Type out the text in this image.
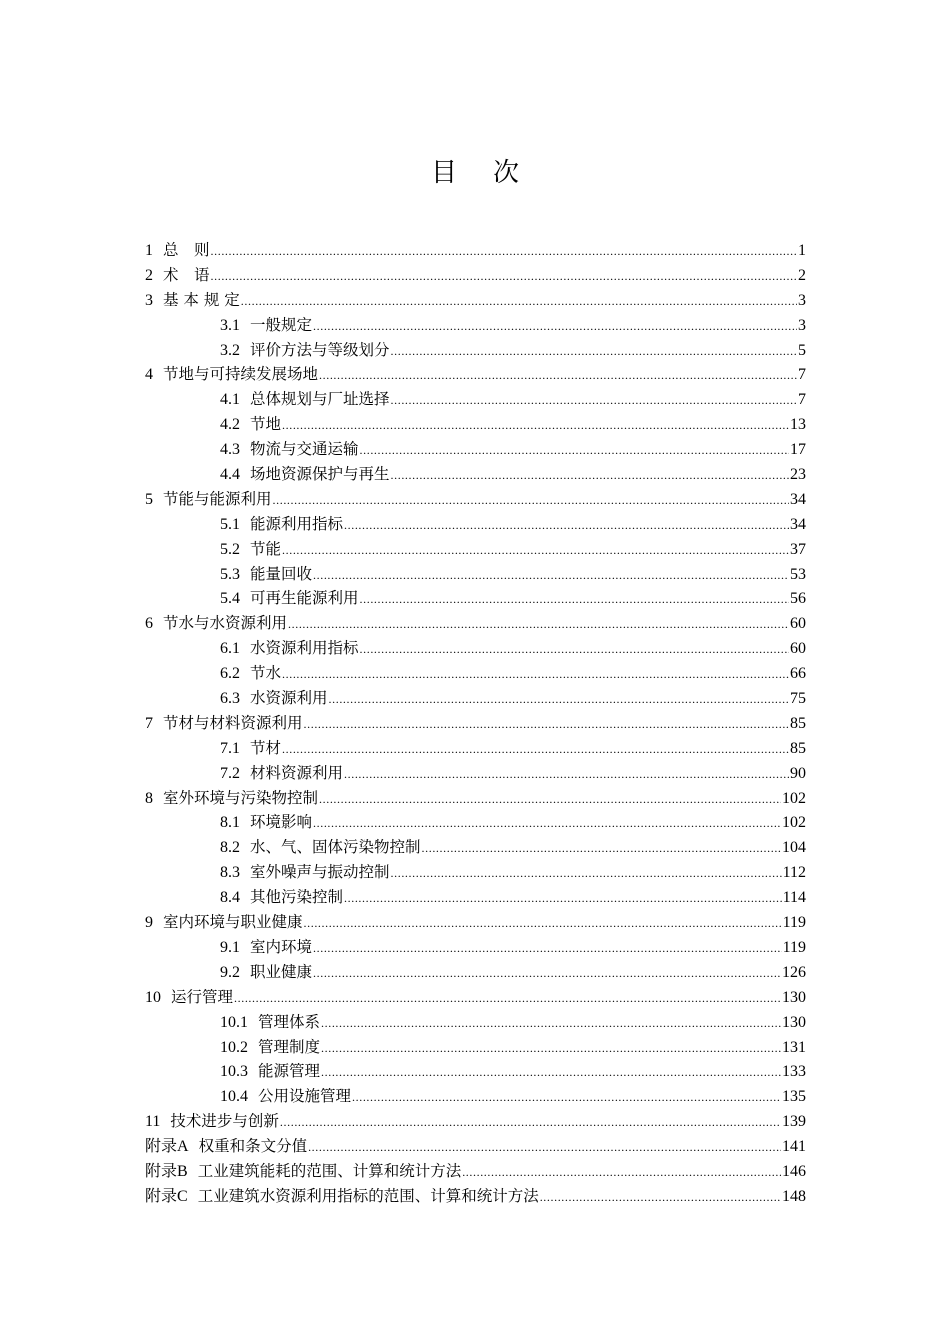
目次
1 总　则 .....	1
2 术　语 .....	2
3 基 本 规 定 .....	3
3.1 一般规定 .....	3
3.2 评价方法与等级划分 .....	5
4 节地与可持续发展场地 .....	7
4.1 总体规划与厂址选择 .....	7
4.2 节地 .....	13
4.3 物流与交通运输 .....	17
4.4 场地资源保护与再生 .....	23
5 节能与能源利用 .....	34
5.1 能源利用指标 .....	34
5.2 节能 .....	37
5.3 能量回收 .....	53
5.4 可再生能源利用 .....	56
6 节水与水资源利用 .....	60
6.1 水资源利用指标 .....	60
6.2 节水 .....	66
6.3 水资源利用 .....	75
7 节材与材料资源利用 .....	85
7.1 节材 .....	85
7.2 材料资源利用 .....	90
8 室外环境与污染物控制 .....	102
8.1 环境影响 .....	102
8.2 水、气、固体污染物控制 .....	104
8.3 室外噪声与振动控制 .....	112
8.4 其他污染控制 .....	114
9 室内环境与职业健康 .....	119
9.1 室内环境 .....	119
9.2 职业健康 .....	126
10 运行管理 .....	130
10.1 管理体系 .....	130
10.2 管理制度 .....	131
10.3 能源管理 .....	133
10.4 公用设施管理 .....	135
11 技术进步与创新 .....	139
附录A 权重和条文分值 .....	141
附录B 工业建筑能耗的范围、计算和统计方法 .....	146
附录C 工业建筑水资源利用指标的范围、计算和统计方法 .....	148
